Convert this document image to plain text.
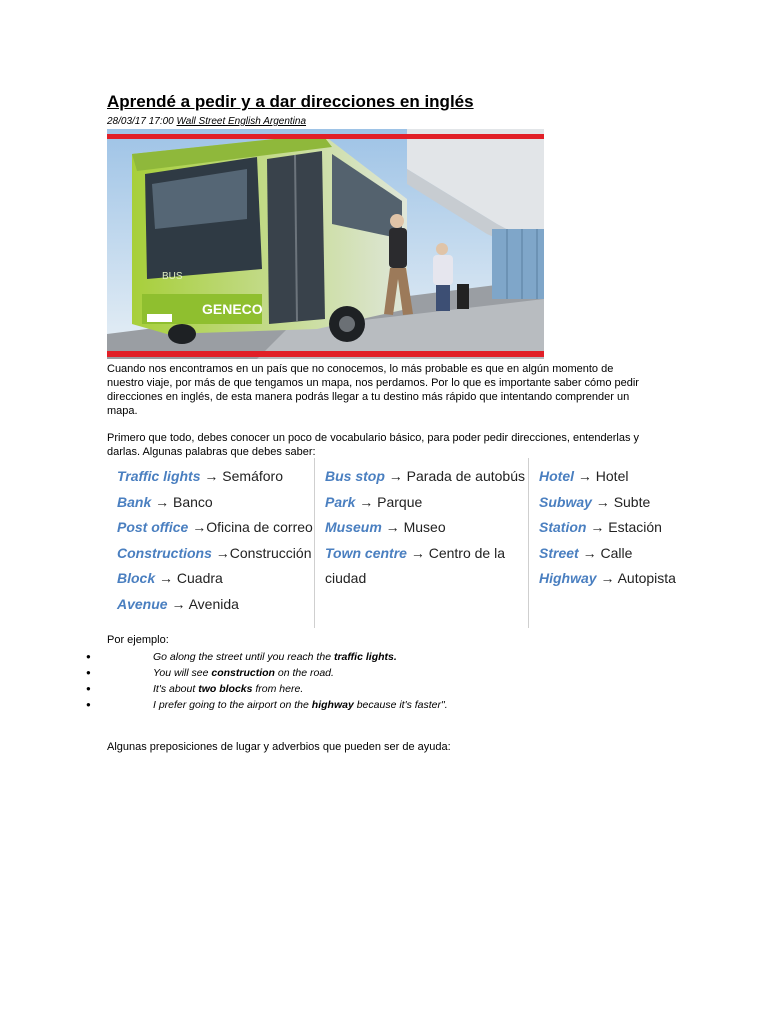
Aprendé a pedir y a dar direcciones en inglés
28/03/17 17:00 Wall Street English Argentina
GENECO
BUS

Cuando nos encontramos en un país que no conocemos, lo más probable es que en algún momento de nuestro viaje, por más de que tengamos un mapa, nos perdamos. Por lo que es importante saber cómo pedir direcciones en inglés, de esta manera podrás llegar a tu destino más rápido que intentando comprender un mapa.

Primero que todo, debes conocer un poco de vocabulario básico, para poder pedir direcciones, entenderlas y darlas. Algunas palabras que debes saber:

Traffic lights → Semáforo
Bank → Banco
Post office →Oficina de correo
Constructions →Construcción
Block → Cuadra
Avenue → Avenida
Bus stop → Parada de autobús
Park → Parque
Museum → Museo
Town centre → Centro de la ciudad
Hotel → Hotel
Subway → Subte
Station → Estación
Street → Calle
Highway → Autopista
Por ejemplo:
●	Go along the street until you reach the traffic lights.
●	You will see construction on the road.
●	It's about two blocks from here.
●	I prefer going to the airport on the highway because it's faster".
Algunas preposiciones de lugar y adverbios que pueden ser de ayuda:
